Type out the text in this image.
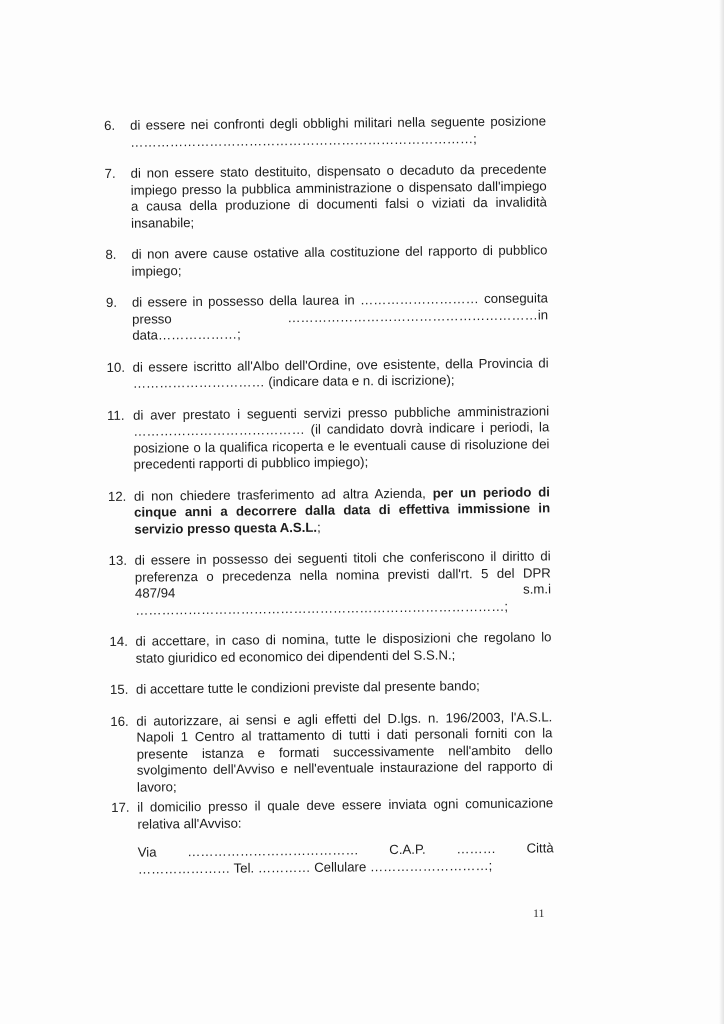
6.	di essere nei confronti degli obblighi militari nella seguente posizione ……………………………………………………………………;
7.	di non essere stato destituito, dispensato o decaduto da precedente impiego presso la pubblica amministrazione o dispensato dall'impiego a causa della produzione di documenti falsi o viziati da invalidità insanabile;
8.	di non avere cause ostative alla costituzione del rapporto di pubblico impiego;
9.	di essere in possesso della laurea in ……………………… conseguita presso …………………………………………………in data………………;
10. di essere iscritto all'Albo dell'Ordine, ove esistente, della Provincia di ………………………… (indicare data e n. di iscrizione);
11. di aver prestato i seguenti servizi presso pubbliche amministrazioni ………………………………… (il candidato dovrà indicare i periodi, la posizione o la qualifica ricoperta e le eventuali cause di risoluzione dei precedenti rapporti di pubblico impiego);
12. di non chiedere trasferimento ad altra Azienda, per un periodo di cinque anni a decorrere dalla data di effettiva immissione in servizio presso questa A.S.L.;
13. di essere in possesso dei seguenti titoli che conferiscono il diritto di preferenza o precedenza nella nomina previsti dall'rt. 5 del DPR 487/94 s.m.i …………………………………………………………………………;
14. di accettare, in caso di nomina, tutte le disposizioni che regolano lo stato giuridico ed economico dei dipendenti del S.S.N.;
15. di accettare tutte le condizioni previste dal presente bando;
16. di autorizzare, ai sensi e agli effetti del D.lgs. n. 196/2003, l'A.S.L. Napoli 1 Centro al trattamento di tutti i dati personali forniti con la presente istanza e formati successivamente nell'ambito dello svolgimento dell'Avviso e nell'eventuale instaurazione del rapporto di lavoro;
17. il domicilio presso il quale deve essere inviata ogni comunicazione relativa all'Avviso:
Via ………………………………… C.A.P. ……… Città
………………… Tel. ………… Cellulare ………………………;
11
